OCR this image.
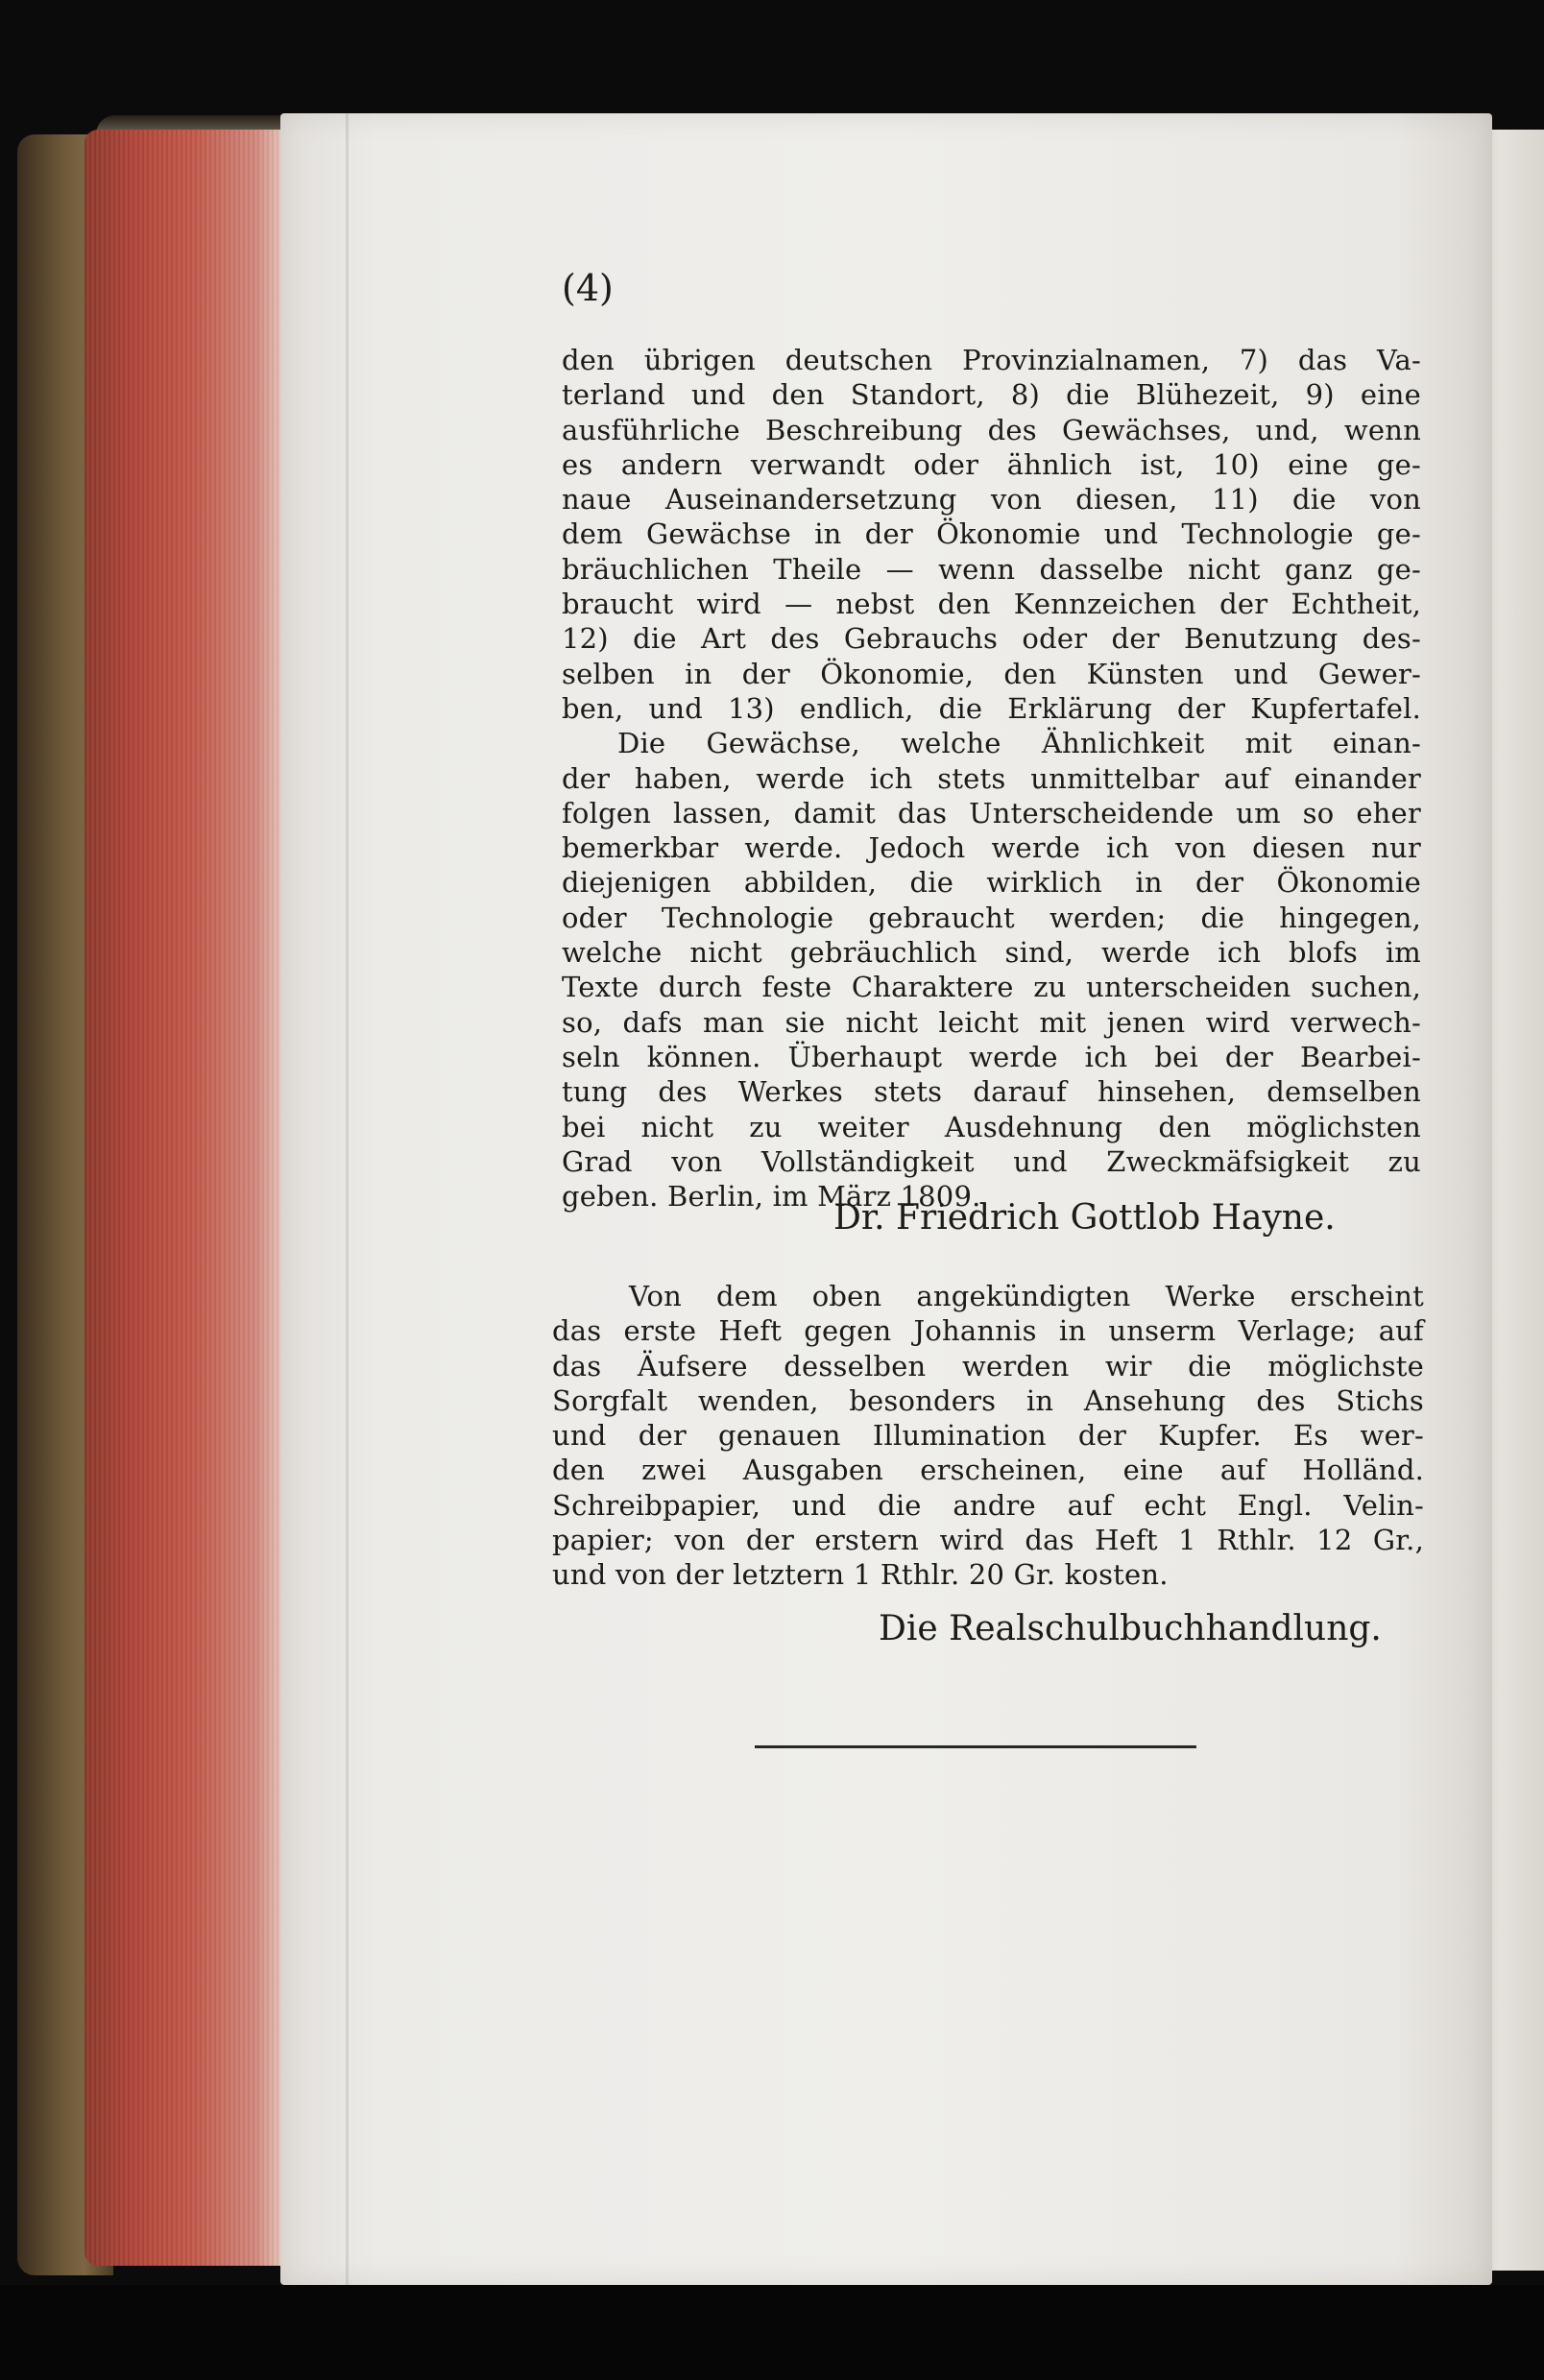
(4)
den übrigen deutschen Provinzialnamen, 7) das Va-
terland und den Standort, 8) die Blühezeit, 9) eine
ausführliche Beschreibung des Gewächses, und, wenn
es andern verwandt oder ähnlich ist, 10) eine ge-
naue Auseinandersetzung von diesen, 11) die von
dem Gewächse in der Ökonomie und Technologie ge-
bräuchlichen Theile — wenn dasselbe nicht ganz ge-
braucht wird — nebst den Kennzeichen der Echtheit,
12) die Art des Gebrauchs oder der Benutzung des-
selben in der Ökonomie, den Künsten und Gewer-
ben, und 13) endlich, die Erklärung der Kupfertafel.
Die Gewächse, welche Ähnlichkeit mit einan-
der haben, werde ich stets unmittelbar auf einander
folgen lassen, damit das Unterscheidende um so eher
bemerkbar werde. Jedoch werde ich von diesen nur
diejenigen abbilden, die wirklich in der Ökonomie
oder Technologie gebraucht werden; die hingegen,
welche nicht gebräuchlich sind, werde ich blofs im
Texte durch feste Charaktere zu unterscheiden suchen,
so, dafs man sie nicht leicht mit jenen wird verwech-
seln können. Überhaupt werde ich bei der Bearbei-
tung des Werkes stets darauf hinsehen, demselben
bei nicht zu weiter Ausdehnung den möglichsten
Grad von Vollständigkeit und Zweckmäfsigkeit zu
geben. Berlin, im März 1809.
Dr. Friedrich Gottlob Hayne.
Von dem oben angekündigten Werke erscheint
das erste Heft gegen Johannis in unserm Verlage; auf
das Äufsere desselben werden wir die möglichste
Sorgfalt wenden, besonders in Ansehung des Stichs
und der genauen Illumination der Kupfer. Es wer-
den zwei Ausgaben erscheinen, eine auf Holländ.
Schreibpapier, und die andre auf echt Engl. Velin-
papier; von der erstern wird das Heft 1 Rthlr. 12 Gr.,
und von der letztern 1 Rthlr. 20 Gr. kosten.
Die Realschulbuchhandlung.
